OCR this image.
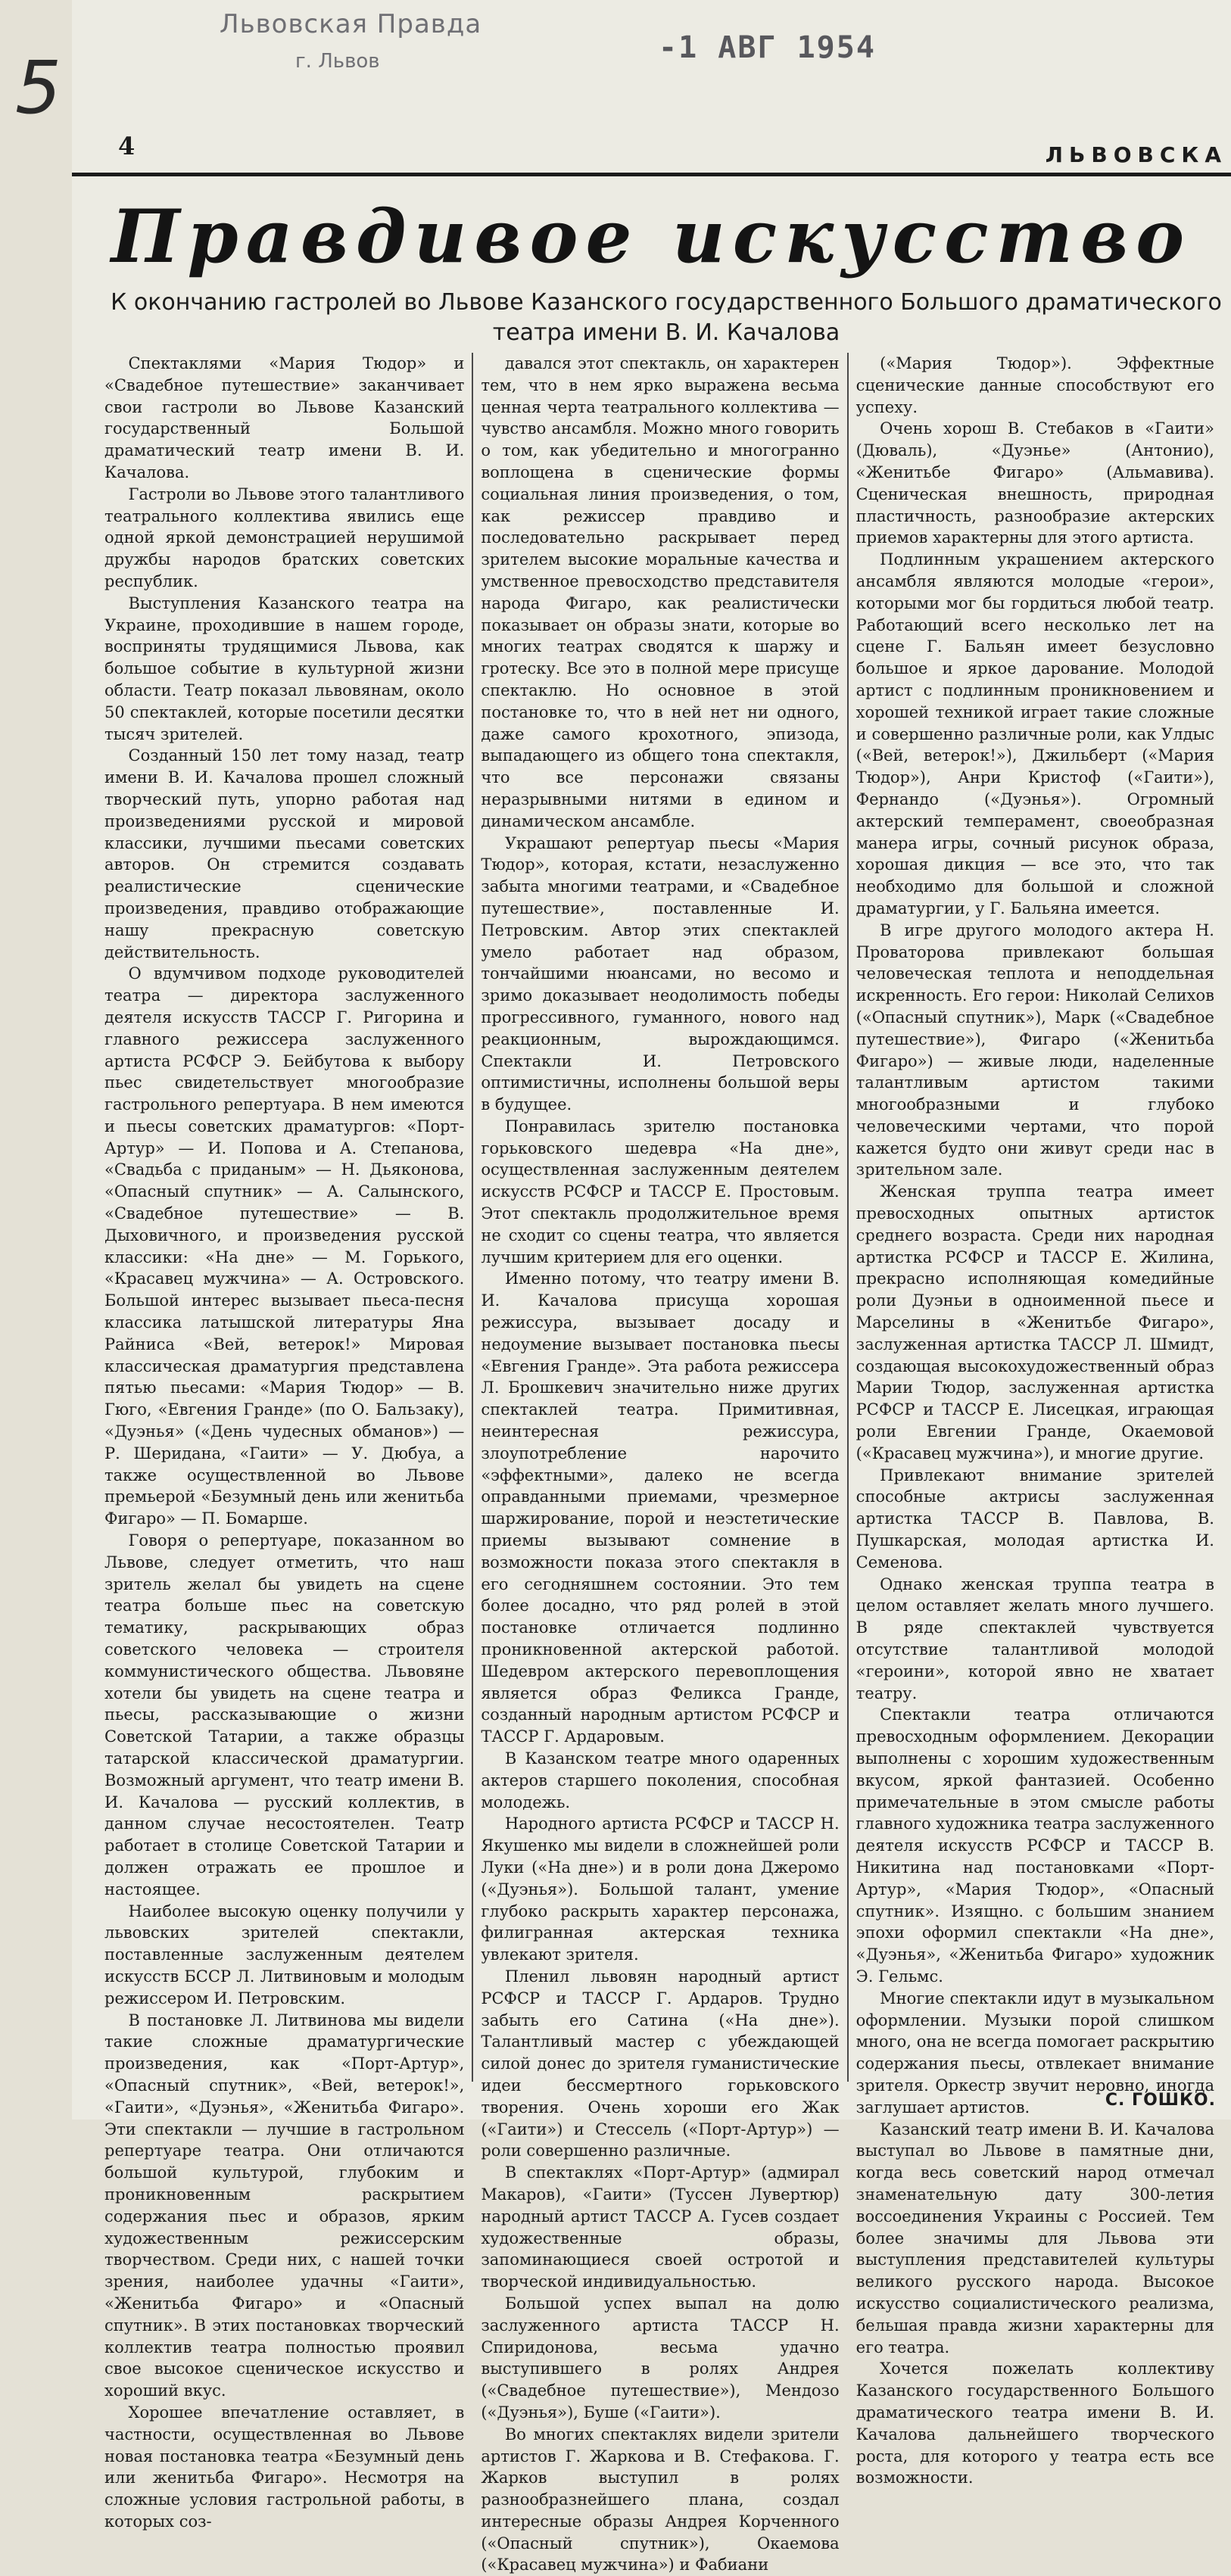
Львовская Правда
г. Львов	-1 АВГ 1954
5
4	ЛЬВОВСКА
Правдивое искусство
К окончанию гастролей во Львове Казанского государственного Большого драматического театра имени В. И. Качалова

Спектаклями «Мария Тюдор» и «Свадебное путешествие» заканчивает свои гастроли во Львове Казанский государственный Большой драматический театр имени В. И. Качалова.

Гастроли во Львове этого талантливого театрального коллектива явились еще одной яркой демонстрацией нерушимой дружбы народов братских советских республик.

Выступления Казанского театра на Украине, проходившие в нашем городе, восприняты трудящимися Львова, как большое событие в культурной жизни области. Театр показал львовянам, около 50 спектаклей, которые посетили десятки тысяч зрителей.

Созданный 150 лет тому назад, театр имени В. И. Качалова прошел сложный творческий путь, упорно работая над произведениями русской и мировой классики, лучшими пьесами советских авторов. Он стремится создавать реалистические сценические произведения, правдиво отображающие нашу прекрасную советскую действительность.

О вдумчивом подходе руководителей театра — директора заслуженного деятеля искусств ТАССР Г. Ригорина и главного режиссера заслуженного артиста РСФСР Э. Бейбутова к выбору пьес свидетельствует многообразие гастрольного репертуара. В нем имеются и пьесы советских драматургов: «Порт-Артур» — И. Попова и А. Степанова, «Свадьба с приданым» — Н. Дьяконова, «Опасный спутник» — А. Салынского, «Свадебное путешествие» — В. Дыховичного, и произведения русской классики: «На дне» — М. Горького, «Красавец мужчина» — А. Островского. Большой интерес вызывает пьеса-песня классика латышской литературы Яна Райниса «Вей, ветерок!» Мировая классическая драматургия представлена пятью пьесами: «Мария Тюдор» — В. Гюго, «Евгения Гранде» (по О. Бальзаку), «Дуэнья» («День чудесных обманов») — Р. Шеридана, «Гаити» — У. Дюбуа, а также осуществленной во Львове премьерой «Безумный день или женитьба Фигаро» — П. Бомарше.

Говоря о репертуаре, показанном во Львове, следует отметить, что наш зритель желал бы увидеть на сцене театра больше пьес на советскую тематику, раскрывающих образ советского человека — строителя коммунистического общества. Львовяне хотели бы увидеть на сцене театра и пьесы, рассказывающие о жизни Советской Татарии, а также образцы татарской классической драматургии. Возможный аргумент, что театр имени В. И. Качалова — русский коллектив, в данном случае несостоятелен. Театр работает в столице Советской Татарии и должен отражать ее прошлое и настоящее.

Наиболее высокую оценку получили у львовских зрителей спектакли, поставленные заслуженным деятелем искусств БССР Л. Литвиновым и молодым режиссером И. Петровским.

В постановке Л. Литвинова мы видели такие сложные драматургические произведения, как «Порт-Артур», «Опасный спутник», «Вей, ветерок!», «Гаити», «Дуэнья», «Женитьба Фигаро». Эти спектакли — лучшие в гастрольном репертуаре театра. Они отличаются большой культурой, глубоким и проникновенным раскрытием содержания пьес и образов, ярким художественным режиссерским творчеством. Среди них, с нашей точки зрения, наиболее удачны «Гаити», «Женитьба Фигаро» и «Опасный спутник». В этих постановках творческий коллектив театра полностью проявил свое высокое сценическое искусство и хороший вкус.

Хорошее впечатление оставляет, в частности, осуществленная во Львове новая постановка театра «Безумный день или женитьба Фигаро». Несмотря на сложные условия гастрольной работы, в которых соз-

давался этот спектакль, он характерен тем, что в нем ярко выражена весьма ценная черта театрального коллектива — чувство ансамбля. Можно много говорить о том, как убедительно и многогранно воплощена в сценические формы социальная линия произведения, о том, как режиссер правдиво и последовательно раскрывает перед зрителем высокие моральные качества и умственное превосходство представителя народа Фигаро, как реалистически показывает он образы знати, которые во многих театрах сводятся к шаржу и гротеску. Все это в полной мере присуще спектаклю. Но основное в этой постановке то, что в ней нет ни одного, даже самого крохотного, эпизода, выпадающего из общего тона спектакля, что все персонажи связаны неразрывными нитями в едином и динамическом ансамбле.

Украшают репертуар пьесы «Мария Тюдор», которая, кстати, незаслуженно забыта многими театрами, и «Свадебное путешествие», поставленные И. Петровским. Автор этих спектаклей умело работает над образом, тончайшими нюансами, но весомо и зримо доказывает неодолимость победы прогрессивного, гуманного, нового над реакционным, вырождающимся. Спектакли И. Петровского оптимистичны, исполнены большой веры в будущее.

Понравилась зрителю постановка горьковского шедевра «На дне», осуществленная заслуженным деятелем искусств РСФСР и ТАССР Е. Простовым. Этот спектакль продолжительное время не сходит со сцены театра, что является лучшим критерием для его оценки.

Именно потому, что театру имени В. И. Качалова присуща хорошая режиссура, вызывает досаду и недоумение вызывает постановка пьесы «Евгения Гранде». Эта работа режиссера Л. Брошкевич значительно ниже других спектаклей театра. Примитивная, неинтересная режиссура, злоупотребление нарочито «эффектными», далеко не всегда оправданными приемами, чрезмерное шаржирование, порой и неэстетические приемы вызывают сомнение в возможности показа этого спектакля в его сегодняшнем состоянии. Это тем более досадно, что ряд ролей в этой постановке отличается подлинно проникновенной актерской работой. Шедевром актерского перевоплощения является образ Феликса Гранде, созданный народным артистом РСФСР и ТАССР Г. Ардаровым.

В Казанском театре много одаренных актеров старшего поколения, способная молодежь.

Народного артиста РСФСР и ТАССР Н. Якушенко мы видели в сложнейшей роли Луки («На дне») и в роли дона Джеромо («Дуэнья»). Большой талант, умение глубоко раскрыть характер персонажа, филигранная актерская техника увлекают зрителя.

Пленил львовян народный артист РСФСР и ТАССР Г. Ардаров. Трудно забыть его Сатина («На дне»). Талантливый мастер с убеждающей силой донес до зрителя гуманистические идеи бессмертного горьковского творения. Очень хороши его Жак («Гаити») и Стессель («Порт-Артур») — роли совершенно различные.

В спектаклях «Порт-Артур» (адмирал Макаров), «Гаити» (Туссен Лувертюр) народный артист ТАССР А. Гусев создает художественные образы, запоминающиеся своей остротой и творческой индивидуальностью.

Большой успех выпал на долю заслуженного артиста ТАССР Н. Спиридонова, весьма удачно выступившего в ролях Андрея («Свадебное путешествие»), Мендозо («Дуэнья»), Буше («Гаити»).

Во многих спектаклях видели зрители артистов Г. Жаркова и В. Стефакова. Г. Жарков выступил в ролях разнообразнейшего плана, создал интересные образы Андрея Корченного («Опасный спутник»), Окаемова («Красавец мужчина») и Фабиани

(«Мария Тюдор»). Эффектные сценические данные способствуют его успеху.

Очень хорош В. Стебаков в «Гаити» (Дюваль), «Дуэнье» (Антонио), «Женитьбе Фигаро» (Альмавива). Сценическая внешность, природная пластичность, разнообразие актерских приемов характерны для этого артиста.

Подлинным украшением актерского ансамбля являются молодые «герои», которыми мог бы гордиться любой театр. Работающий всего несколько лет на сцене Г. Бальян имеет безусловно большое и яркое дарование. Молодой артист с подлинным проникновением и хорошей техникой играет такие сложные и совершенно различные роли, как Улдыс («Вей, ветерок!»), Джильберт («Мария Тюдор»), Анри Кристоф («Гаити»), Фернандо («Дуэнья»). Огромный актерский темперамент, своеобразная манера игры, сочный рисунок образа, хорошая дикция — все это, что так необходимо для большой и сложной драматургии, у Г. Бальяна имеется.

В игре другого молодого актера Н. Проваторова привлекают большая человеческая теплота и неподдельная искренность. Его герои: Николай Селихов («Опасный спутник»), Марк («Свадебное путешествие»), Фигаро («Женитьба Фигаро») — живые люди, наделенные талантливым артистом такими многообразными и глубоко человеческими чертами, что порой кажется будто они живут среди нас в зрительном зале.

Женская труппа театра имеет превосходных опытных артисток среднего возраста. Среди них народная артистка РСФСР и ТАССР Е. Жилина, прекрасно исполняющая комедийные роли Дуэньи в одноименной пьесе и Марселины в «Женитьбе Фигаро», заслуженная артистка ТАССР Л. Шмидт, создающая высокохудожественный образ Марии Тюдор, заслуженная артистка РСФСР и ТАССР Е. Лисецкая, играющая роли Евгении Гранде, Окаемовой («Красавец мужчина»), и многие другие.

Привлекают внимание зрителей способные актрисы заслуженная артистка ТАССР В. Павлова, В. Пушкарская, молодая артистка И. Семенова.

Однако женская труппа театра в целом оставляет желать много лучшего. В ряде спектаклей чувствуется отсутствие талантливой молодой «героини», которой явно не хватает театру.

Спектакли театра отличаются превосходным оформлением. Декорации выполнены с хорошим художественным вкусом, яркой фантазией. Особенно примечательные в этом смысле работы главного художника театра заслуженного деятеля искусств РСФСР и ТАССР В. Никитина над постановками «Порт-Артур», «Мария Тюдор», «Опасный спутник». Изящно. с большим знанием эпохи оформил спектакли «На дне», «Дуэнья», «Женитьба Фигаро» художник Э. Гельмс.

Многие спектакли идут в музыкальном оформлении. Музыки порой слишком много, она не всегда помогает раскрытию содержания пьесы, отвлекает внимание зрителя. Оркестр звучит неровно, иногда заглушает артистов.

Казанский театр имени В. И. Качалова выступал во Львове в памятные дни, когда весь советский народ отмечал знаменательную дату 300-летия воссоединения Украины с Россией. Тем более значимы для Львова эти выступления представителей культуры великого русского народа. Высокое искусство социалистического реализма, бельшая правда жизни характерны для его театра.

Хочется пожелать коллективу Казанского государственного Большого драматического театра имени В. И. Качалова дальнейшего творческого роста, для которого у театра есть все возможности.

С. ГОШКО.
